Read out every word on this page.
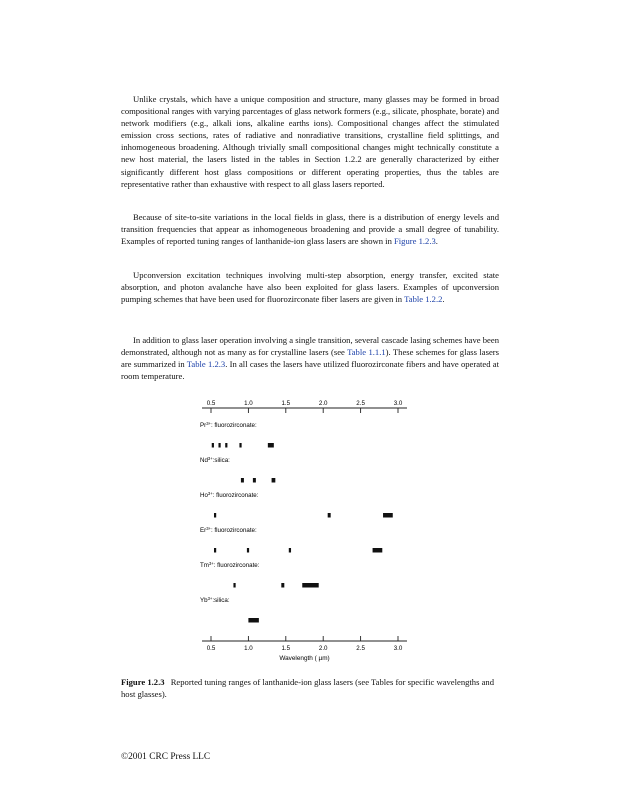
Unlike crystals, which have a unique composition and structure, many glasses may be formed in broad compositional ranges with varying parcentages of glass network formers (e.g., silicate, phosphate, borate) and network modifiers (e.g., alkali ions, alkaline earths ions). Compositional changes affect the stimulated emission cross sections, rates of radiative and nonradiative transitions, crystalline field splittings, and inhomogeneous broadening. Although trivially small compositional changes might technically constitute a new host material, the lasers listed in the tables in Section 1.2.2 are generally characterized by either significantly different host glass compositions or different operating properties, thus the tables are representative rather than exhaustive with respect to all glass lasers reported.

Because of site-to-site variations in the local fields in glass, there is a distribution of energy levels and transition frequencies that appear as inhomogeneous broadening and provide a small degree of tunability. Examples of reported tuning ranges of lanthanide-ion glass lasers are shown in Figure 1.2.3.

Upconversion excitation techniques involving multi-step absorption, energy transfer, excited state absorption, and photon avalanche have also been exploited for glass lasers. Examples of upconversion pumping schemes that have been used for fluorozirconate fiber lasers are given in Table 1.2.2.

In addition to glass laser operation involving a single transition, several cascade lasing schemes have been demonstrated, although not as many as for crystalline lasers (see Table 1.1.1). These schemes for glass lasers are summarized in Table 1.2.3. In all cases the lasers have utilized fluorozirconate fibers and have operated at room temperature.

0.5	1.0	1.5	2.0	2.5	3.0
$Pr^{3+}$: fluorozirconate:
$Nd^{3+}:silica$:
$Ho^{3+}$: fluorozirconate:
$Er^{3+}$: fluorozirconate:
$Tm^{3+}$: fluorozirconate:
$Yb^{3+}:silica$:
0.5	1.0	1.5	2.0	2.5	3.0
Wavelength ( µm)

Figure 1.2.3 Reported tuning ranges of lanthanide-ion glass lasers (see Tables for specific wavelengths and host glasses).

©2001 CRC Press LLC
